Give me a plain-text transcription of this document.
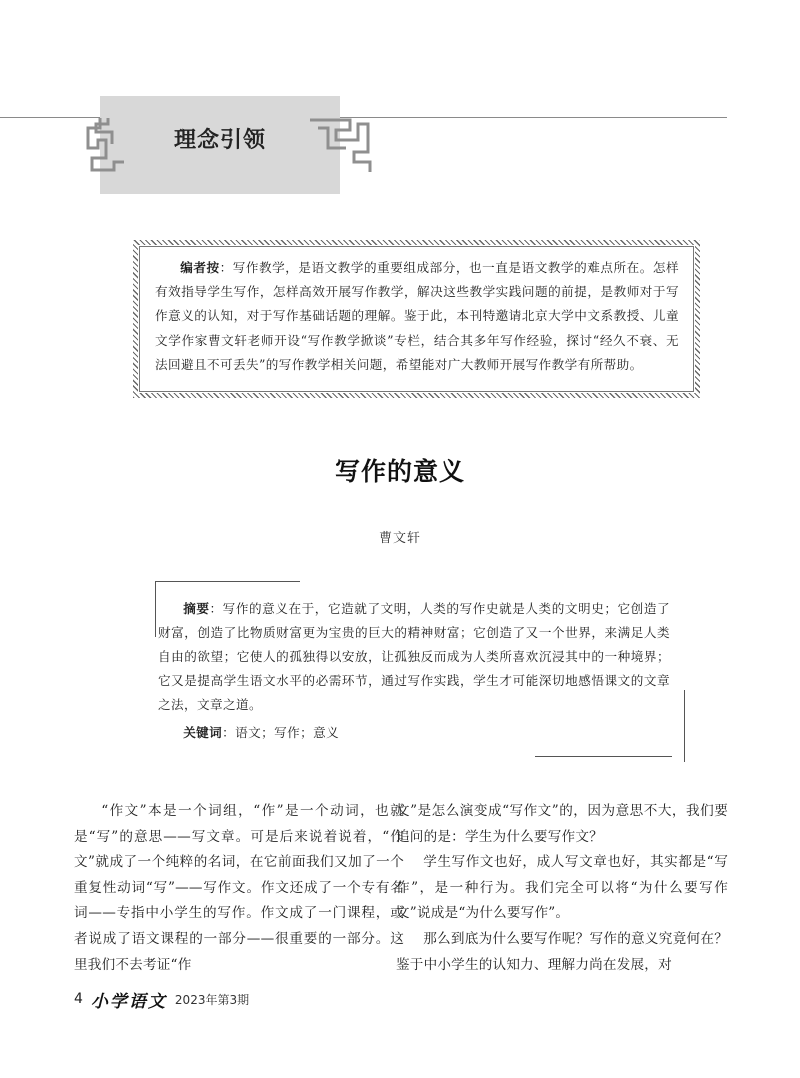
理念引领

编者按：写作教学，是语文教学的重要组成部分，也一直是语文教学的难点所在。怎样有效指导学生写作，怎样高效开展写作教学，解决这些教学实践问题的前提，是教师对于写作意义的认知，对于写作基础话题的理解。鉴于此，本刊特邀请北京大学中文系教授、儿童文学作家曹文轩老师开设“写作教学掀谈”专栏，结合其多年写作经验，探讨“经久不衰、无法回避且不可丢失”的写作教学相关问题，希望能对广大教师开展写作教学有所帮助。

写作的意义
曹文轩

摘要：写作的意义在于，它造就了文明，人类的写作史就是人类的文明史；它创造了财富，创造了比物质财富更为宝贵的巨大的精神财富；它创造了又一个世界，来满足人类自由的欲望；它使人的孤独得以安放，让孤独反而成为人类所喜欢沉浸其中的一种境界；它又是提高学生语文水平的必需环节，通过写作实践，学生才可能深切地感悟课文的文章之法，文章之道。

关键词：语文；写作；意义

“作文”本是一个词组，“作”是一个动词，也就是“写”的意思——写文章。可是后来说着说着，“作文”就成了一个纯粹的名词，在它前面我们又加了一个重复性动词“写”——写作文。作文还成了一个专有名词——专指中小学生的写作。作文成了一门课程，或者说成了语文课程的一部分——很重要的一部分。这里我们不去考证“作

文”是怎么演变成“写作文”的，因为意思不大，我们要追问的是：学生为什么要写作文？

学生写作文也好，成人写文章也好，其实都是“写作”，是一种行为。我们完全可以将“为什么要写作文”说成是“为什么要写作”。

那么到底为什么要写作呢？写作的意义究竟何在？鉴于中小学生的认知力、理解力尚在发展，对

4 小学语文 2023年第3期
